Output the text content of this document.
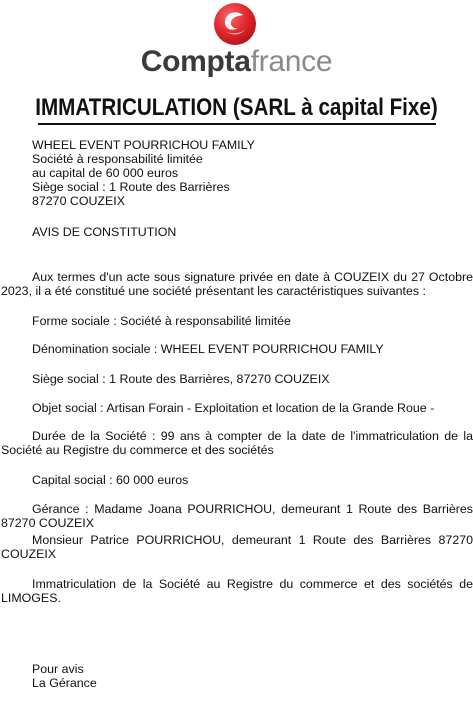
Comptafrance
IMMATRICULATION (SARL à capital Fixe)
WHEEL EVENT POURRICHOU FAMILY
Société à responsabilité limitée
au capital de 60 000 euros
Siège social : 1 Route des Barrières
87270 COUZEIX
AVIS DE CONSTITUTION
Aux termes d'un acte sous signature privée en date à COUZEIX du 27 Octobre 2023, il a été constitué une société présentant les caractéristiques suivantes :
Forme sociale : Société à responsabilité limitée
Dénomination sociale : WHEEL EVENT POURRICHOU FAMILY
Siège social : 1 Route des Barrières, 87270 COUZEIX
Objet social : Artisan Forain - Exploitation et location de la Grande Roue -
Durée de la Société : 99 ans à compter de la date de l'immatriculation de la Société au Registre du commerce et des sociétés
Capital social : 60 000 euros
Gérance : Madame Joana POURRICHOU, demeurant 1 Route des Barrières 87270 COUZEIX
Monsieur Patrice POURRICHOU, demeurant 1 Route des Barrières 87270 COUZEIX
Immatriculation de la Société au Registre du commerce et des sociétés de LIMOGES.
Pour avis
La Gérance
